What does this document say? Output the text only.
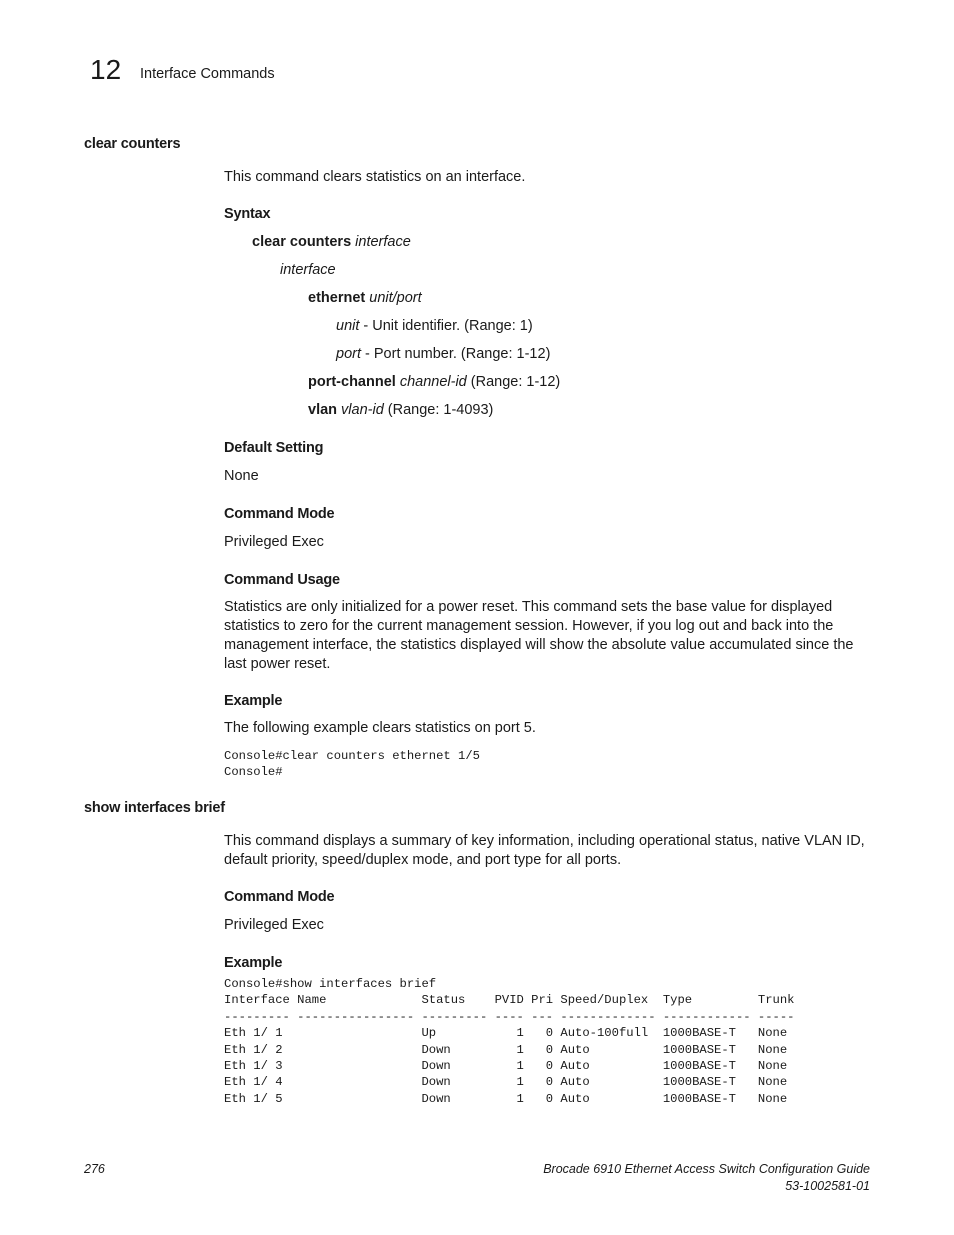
12 Interface Commands
clear counters
This command clears statistics on an interface.
Syntax
clear counters interface
interface
ethernet unit/port
unit - Unit identifier. (Range: 1)
port - Port number. (Range: 1-12)
port-channel channel-id (Range: 1-12)
vlan vlan-id (Range: 1-4093)
Default Setting
None
Command Mode
Privileged Exec
Command Usage
Statistics are only initialized for a power reset. This command sets the base value for displayed statistics to zero for the current management session. However, if you log out and back into the management interface, the statistics displayed will show the absolute value accumulated since the last power reset.
Example
The following example clears statistics on port 5.
Console#clear counters ethernet 1/5
Console#
show interfaces brief
This command displays a summary of key information, including operational status, native VLAN ID, default priority, speed/duplex mode, and port type for all ports.
Command Mode
Privileged Exec
Example
Console#show interfaces brief
Interface Name             Status    PVID Pri Speed/Duplex  Type         Trunk
--------- ---------------- --------- ---- --- ------------- ------------ -----
Eth 1/ 1                   Up           1   0 Auto-100full  1000BASE-T   None
Eth 1/ 2                   Down         1   0 Auto          1000BASE-T   None
Eth 1/ 3                   Down         1   0 Auto          1000BASE-T   None
Eth 1/ 4                   Down         1   0 Auto          1000BASE-T   None
Eth 1/ 5                   Down         1   0 Auto          1000BASE-T   None
276	Brocade 6910 Ethernet Access Switch Configuration Guide
53-1002581-01
